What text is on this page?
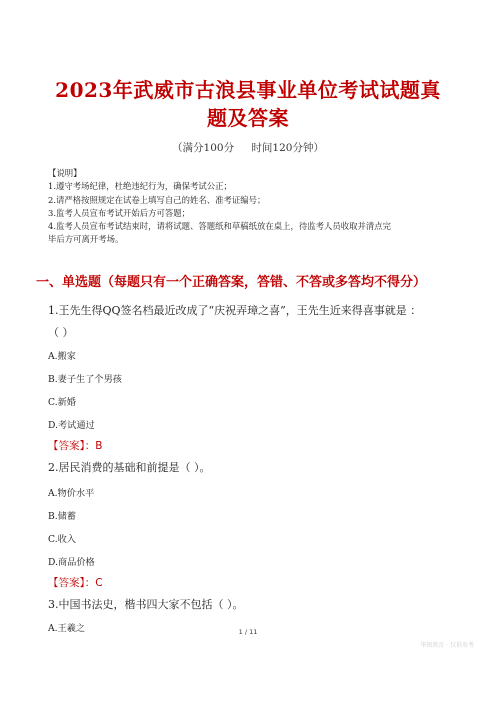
2023年武威市古浪县事业单位考试试题真
题及答案
（满分100分 时间120分钟）
【说明】
1.遵守考场纪律，杜绝违纪行为，确保考试公正；
2.请严格按照规定在试卷上填写自己的姓名、准考证编号；
3.监考人员宣布考试开始后方可答题；
4.监考人员宣布考试结束时，请将试题、答题纸和草稿纸放在桌上，待监考人员收取并清点完
毕后方可离开考场。
一、单选题（每题只有一个正确答案，答错、不答或多答均不得分）
1.王先生得QQ签名档最近改成了“庆祝弄璋之喜”，王先生近来得喜事就是 ：
（ ）
A.搬家
B.妻子生了个男孩
C.新婚
D.考试通过
【答案】：B
2.居民消费的基础和前提是（ ）。
A.物价水平
B.储蓄
C.收入
D.商品价格
【答案】：C
3.中国书法史，楷书四大家不包括（ ）。
A.王羲之	1 / 11
华图教育 · 仅供参考
